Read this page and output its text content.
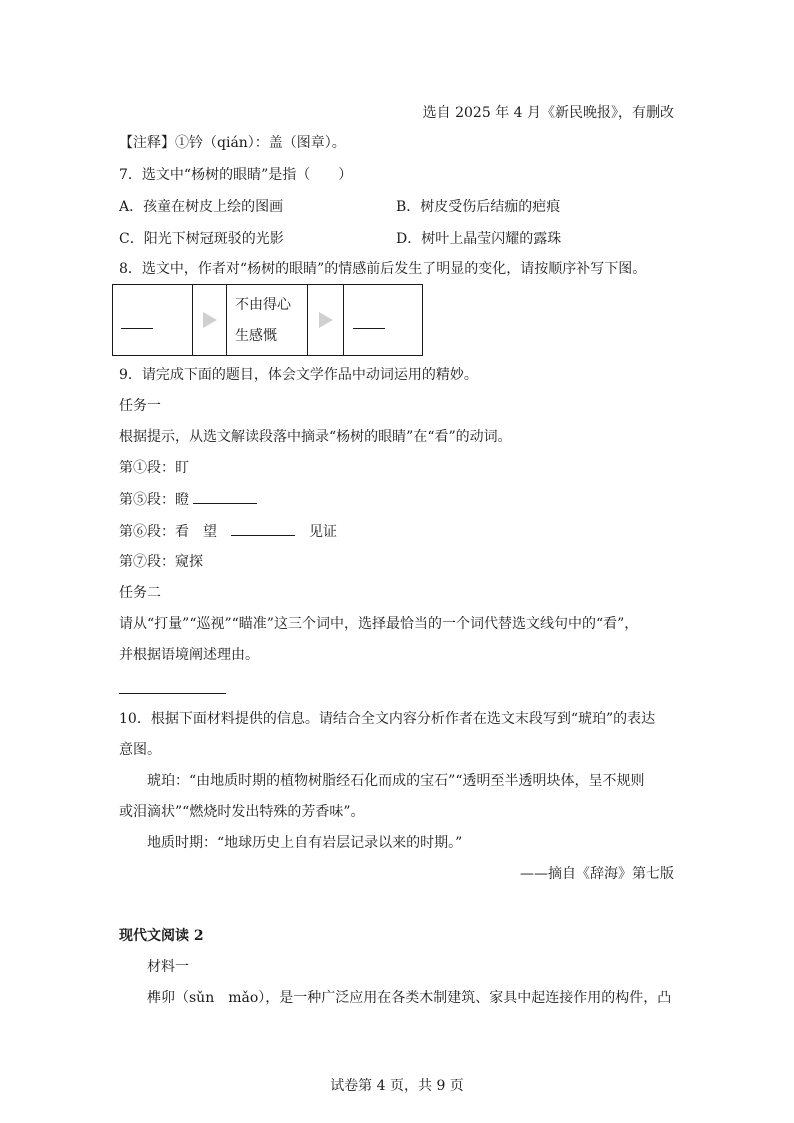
选自 2025 年 4 月《新民晚报》，有删改
【注释】①钤（qián）：盖（图章）。
7．选文中“杨树的眼睛”是指（　　）
A．孩童在树皮上绘的图画	B．树皮受伤后结痂的疤痕
C．阳光下树冠斑驳的光影	D．树叶上晶莹闪耀的露珠
8．选文中，作者对“杨树的眼睛”的情感前后发生了明显的变化，请按顺序补写下图。
不由得心
生感慨
9．请完成下面的题目，体会文学作品中动词运用的精妙。
任务一
根据提示，从选文解读段落中摘录“杨树的眼睛”在“看”的动词。
第①段：盯
第⑤段：瞪
第⑥段：看　望	见证
第⑦段：窥探
任务二
请从“打量”“巡视”“瞄准”这三个词中，选择最恰当的一个词代替选文线句中的“看”，
并根据语境阐述理由。
10．根据下面材料提供的信息。请结合全文内容分析作者在选文末段写到“琥珀”的表达
意图。
琥珀：“由地质时期的植物树脂经石化而成的宝石”“透明至半透明块体，呈不规则
或泪滴状”“燃烧时发出特殊的芳香味”。
地质时期：“地球历史上自有岩层记录以来的时期。”
——摘自《辞海》第七版
现代文阅读 2
材料一
榫卯（sǔn　mǎo），是一种广泛应用在各类木制建筑、家具中起连接作用的构件，凸
试卷第 4 页，共 9 页
